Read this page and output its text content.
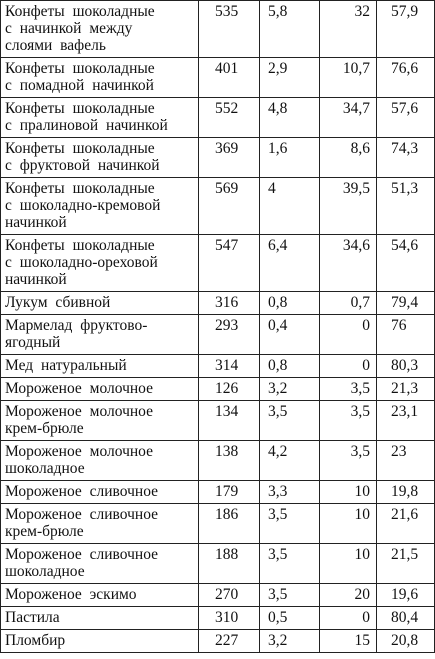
Конфеты шоколадные
с начинкой между
слоями вафель	535	5,8	32	57,9

Конфеты шоколадные
с помадной начинкой	401	2,9	10,7	76,6

Конфеты шоколадные
с пралиновой начинкой	552	4,8	34,7	57,6

Конфеты шоколадные
с фруктовой начинкой	369	1,6	8,6	74,3

Конфеты шоколадные
с шоколадно-кремовой
начинкой	569	4	39,5	51,3

Конфеты шоколадные
с шоколадно-ореховой
начинкой	547	6,4	34,6	54,6

Лукум сбивной	316	0,8	0,7	79,4

Мармелад фруктово-
ягодный	293	0,4	0	76

Мед натуральный	314	0,8	0	80,3

Мороженое молочное	126	3,2	3,5	21,3

Мороженое молочное
крем-брюле	134	3,5	3,5	23,1

Мороженое молочное
шоколадное	138	4,2	3,5	23

Мороженое сливочное	179	3,3	10	19,8

Мороженое сливочное
крем-брюле	186	3,5	10	21,6

Мороженое сливочное
шоколадное	188	3,5	10	21,5

Мороженое эскимо	270	3,5	20	19,6

Пастила	310	0,5	0	80,4

Пломбир	227	3,2	15	20,8
